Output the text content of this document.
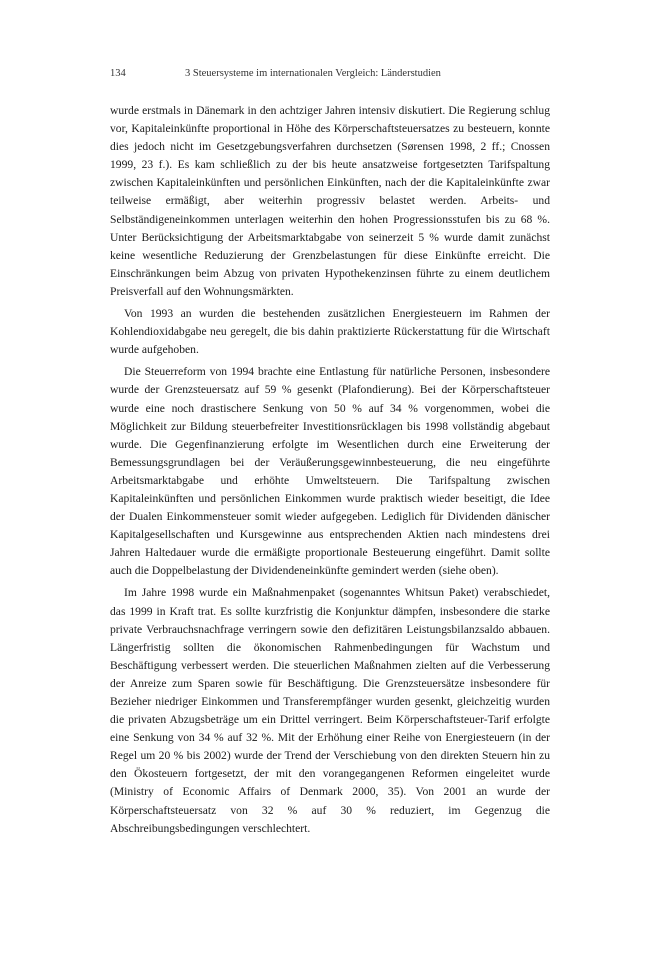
134	3 Steuersysteme im internationalen Vergleich: Länderstudien

wurde erstmals in Dänemark in den achtziger Jahren intensiv diskutiert. Die Regierung schlug vor, Kapitaleinkünfte proportional in Höhe des Körperschaftsteuersatzes zu besteuern, konnte dies jedoch nicht im Gesetzgebungsverfahren durchsetzen (Sørensen 1998, 2 ff.; Cnossen 1999, 23 f.). Es kam schließlich zu der bis heute ansatzweise fortgesetzten Tarifspaltung zwischen Kapitaleinkünften und persönlichen Einkünften, nach der die Kapitaleinkünfte zwar teilweise ermäßigt, aber weiterhin progressiv belastet werden. Arbeits- und Selbständigeneinkommen unterlagen weiterhin den hohen Progressionsstufen bis zu 68 %. Unter Berücksichtigung der Arbeitsmarktabgabe von seinerzeit 5 % wurde damit zunächst keine wesentliche Reduzierung der Grenzbelastungen für diese Einkünfte erreicht. Die Einschränkungen beim Abzug von privaten Hypothekenzinsen führte zu einem deutlichem Preisverfall auf den Wohnungsmärkten.

Von 1993 an wurden die bestehenden zusätzlichen Energiesteuern im Rahmen der Kohlendioxidabgabe neu geregelt, die bis dahin praktizierte Rückerstattung für die Wirtschaft wurde aufgehoben.

Die Steuerreform von 1994 brachte eine Entlastung für natürliche Personen, insbesondere wurde der Grenzsteuersatz auf 59 % gesenkt (Plafondierung). Bei der Körperschaftsteuer wurde eine noch drastischere Senkung von 50 % auf 34 % vorgenommen, wobei die Möglichkeit zur Bildung steuerbefreiter Investitionsrücklagen bis 1998 vollständig abgebaut wurde. Die Gegenfinanzierung erfolgte im Wesentlichen durch eine Erweiterung der Bemessungsgrundlagen bei der Veräußerungsgewinnbesteuerung, die neu eingeführte Arbeitsmarktabgabe und erhöhte Umweltsteuern. Die Tarifspaltung zwischen Kapitaleinkünften und persönlichen Einkommen wurde praktisch wieder beseitigt, die Idee der Dualen Einkommensteuer somit wieder aufgegeben. Lediglich für Dividenden dänischer Kapitalgesellschaften und Kursgewinne aus entsprechenden Aktien nach mindestens drei Jahren Haltedauer wurde die ermäßigte proportionale Besteuerung eingeführt. Damit sollte auch die Doppelbelastung der Dividendeneinkünfte gemindert werden (siehe oben).

Im Jahre 1998 wurde ein Maßnahmenpaket (sogenanntes Whitsun Paket) verabschiedet, das 1999 in Kraft trat. Es sollte kurzfristig die Konjunktur dämpfen, insbesondere die starke private Verbrauchsnachfrage verringern sowie den defizitären Leistungsbilanzsaldo abbauen. Längerfristig sollten die ökonomischen Rahmenbedingungen für Wachstum und Beschäftigung verbessert werden. Die steuerlichen Maßnahmen zielten auf die Verbesserung der Anreize zum Sparen sowie für Beschäftigung. Die Grenzsteuersätze insbesondere für Bezieher niedriger Einkommen und Transferempfänger wurden gesenkt, gleichzeitig wurden die privaten Abzugsbeträge um ein Drittel verringert. Beim Körperschaftsteuer-Tarif erfolgte eine Senkung von 34 % auf 32 %. Mit der Erhöhung einer Reihe von Energiesteuern (in der Regel um 20 % bis 2002) wurde der Trend der Verschiebung von den direkten Steuern hin zu den Ökosteuern fortgesetzt, der mit den vorangegangenen Reformen eingeleitet wurde (Ministry of Economic Affairs of Denmark 2000, 35). Von 2001 an wurde der Körperschaftsteuersatz von 32 % auf 30 % reduziert, im Gegenzug die Abschreibungsbedingungen verschlechtert.
